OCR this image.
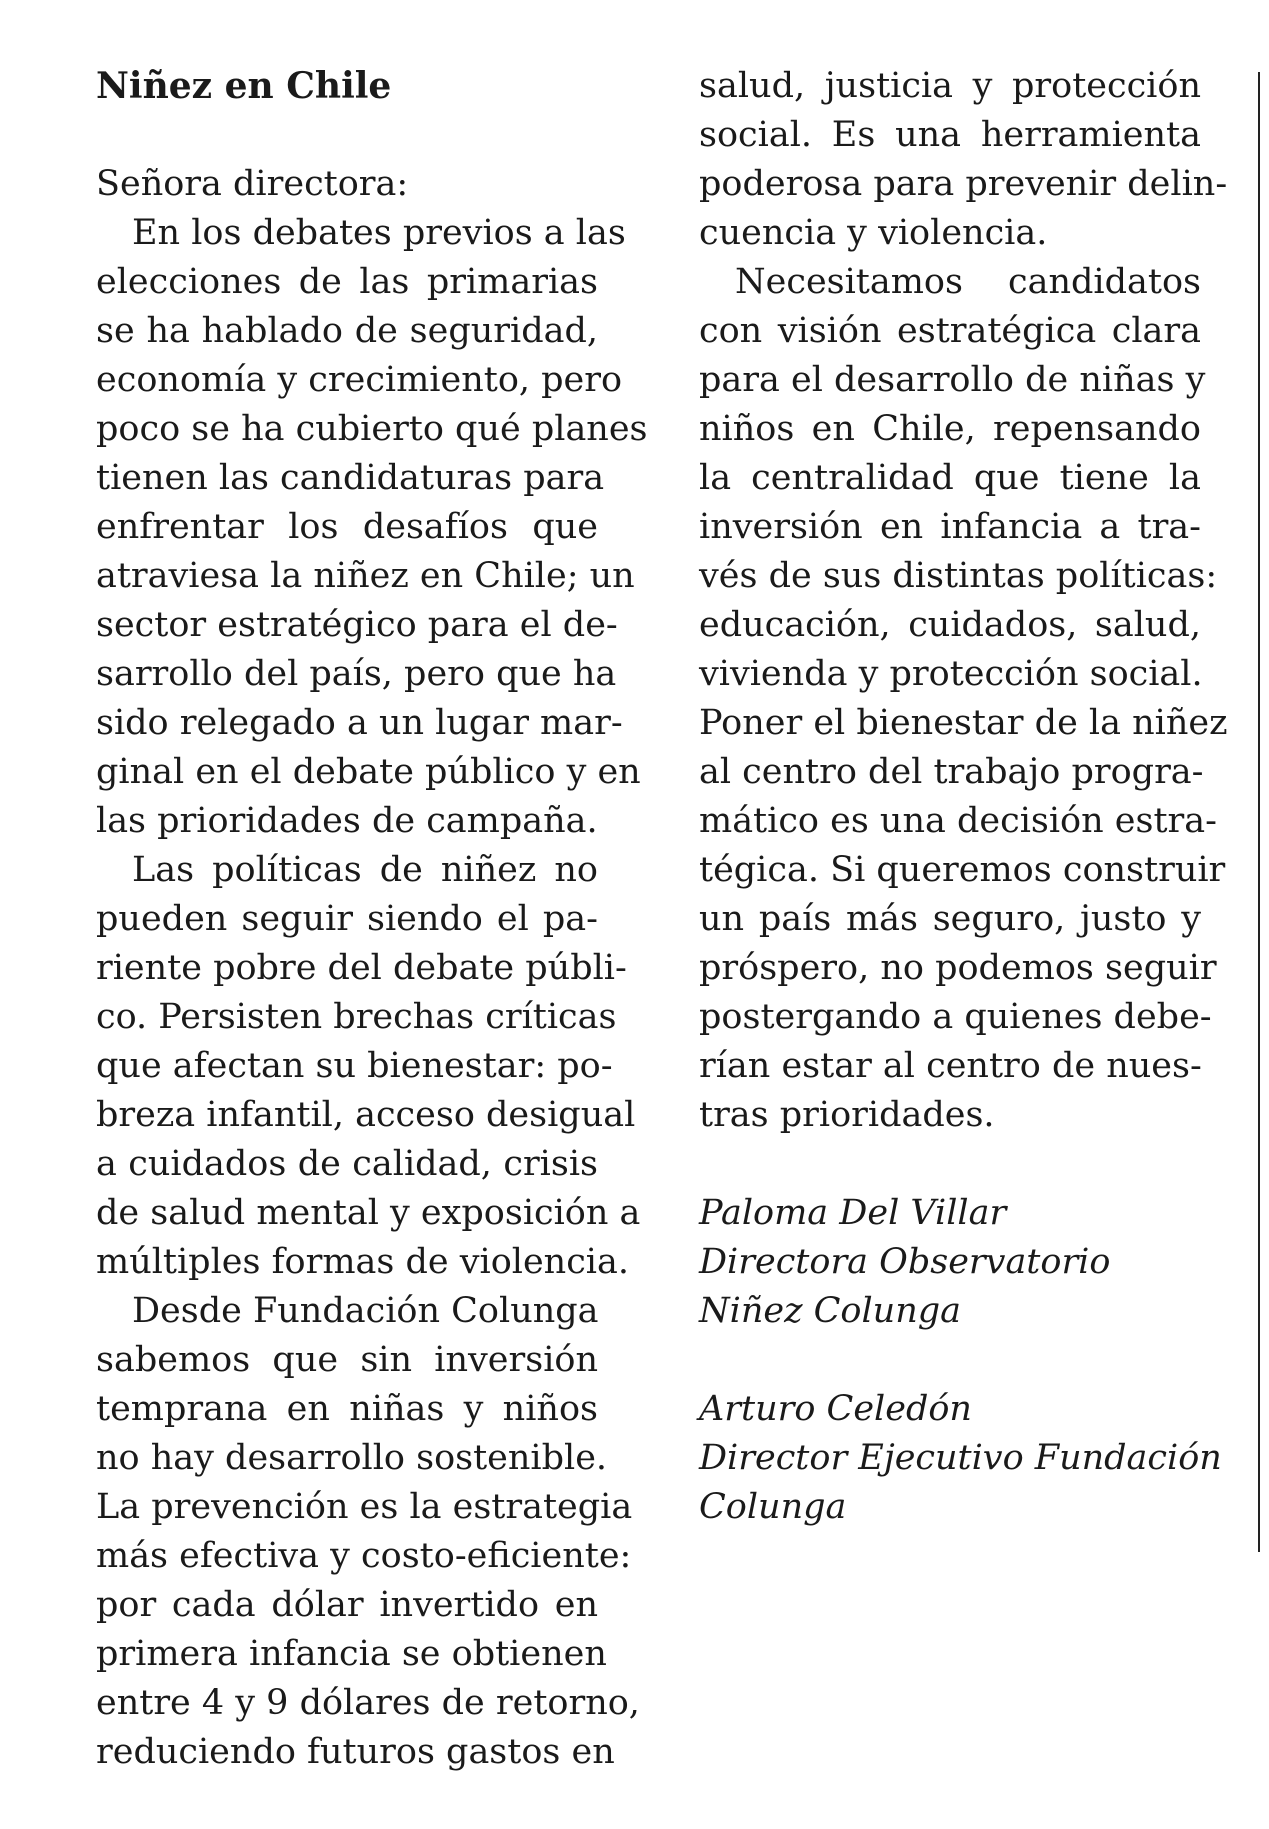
Niñez en Chile
Señora directora:

En los debates previos a las
elecciones de las primarias
se ha hablado de seguridad,
economía y crecimiento, pero
poco se ha cubierto qué planes
tienen las candidaturas para
enfrentar los desafíos que
atraviesa la niñez en Chile; un
sector estratégico para el de-
sarrollo del país, pero que ha
sido relegado a un lugar mar-
ginal en el debate público y en
las prioridades de campaña.

Las políticas de niñez no
pueden seguir siendo el pa-
riente pobre del debate públi-
co. Persisten brechas críticas
que afectan su bienestar: po-
breza infantil, acceso desigual
a cuidados de calidad, crisis
de salud mental y exposición a
múltiples formas de violencia.

Desde Fundación Colunga
sabemos que sin inversión
temprana en niñas y niños
no hay desarrollo sostenible.
La prevención es la estrategia
más efectiva y costo-eficiente:
por cada dólar invertido en
primera infancia se obtienen
entre 4 y 9 dólares de retorno,
reduciendo futuros gastos en

salud, justicia y protección
social. Es una herramienta
poderosa para prevenir delin-
cuencia y violencia.

Necesitamos candidatos
con visión estratégica clara
para el desarrollo de niñas y
niños en Chile, repensando
la centralidad que tiene la
inversión en infancia a tra-
vés de sus distintas políticas:
educación, cuidados, salud,
vivienda y protección social.
Poner el bienestar de la niñez
al centro del trabajo progra-
mático es una decisión estra-
tégica. Si queremos construir
un país más seguro, justo y
próspero, no podemos seguir
postergando a quienes debe-
rían estar al centro de nues-
tras prioridades.

Paloma Del Villar
Directora Observatorio
Niñez Colunga
Arturo Celedón
Director Ejecutivo Fundación
Colunga
